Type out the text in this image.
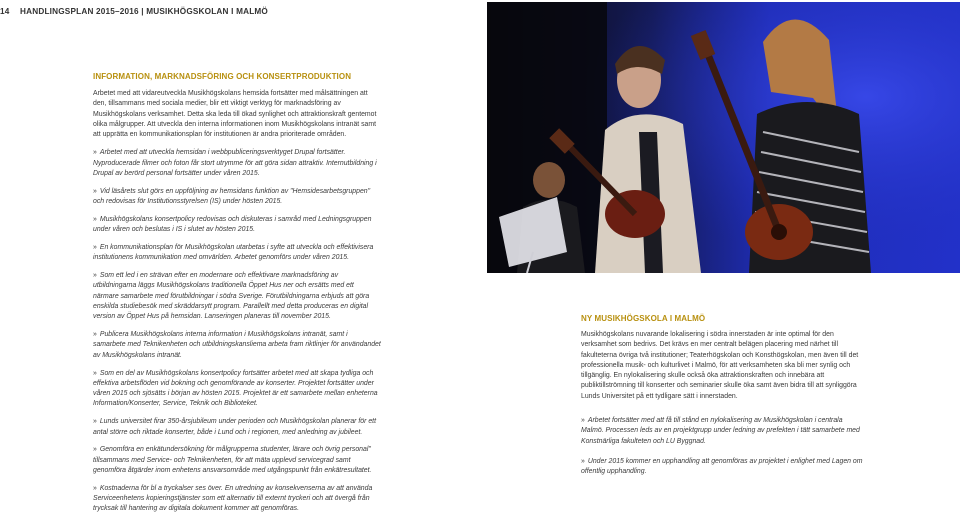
14 HANDLINGSPLAN 2015–2016 | MUSIKHÖGSKOLAN I MALMÖ
INFORMATION, MARKNADSFÖRING OCH KONSERTPRODUKTION

Arbetet med att vidareutveckla Musikhögskolans hemsida fortsätter med målsättningen att den, tillsammans med sociala medier, blir ett viktigt verktyg för marknadsföring av Musikhögskolans verksamhet. Detta ska leda till ökad synlighet och attraktionskraft gentemot olika målgrupper. Att utveckla den interna informationen inom Musikhögskolans intranät samt att upprätta en kommunikationsplan för institutionen är andra prioriterade områden.

» Arbetet med att utveckla hemsidan i webbpubliceringsverktyget Drupal fortsätter. Nyproducerade filmer och foton får stort utrymme för att göra sidan attraktiv. Internutbildning i Drupal av berörd personal fortsätter under våren 2015.

» Vid läsårets slut görs en uppföljning av hemsidans funktion av "Hemsidesarbetsgruppen" och redovisas för Institutionsstyrelsen (IS) under hösten 2015.

» Musikhögskolans konsertpolicy redovisas och diskuteras i samråd med Ledningsgruppen under våren och beslutas i IS i slutet av hösten 2015.

» En kommunikationsplan för Musikhögskolan utarbetas i syfte att utveckla och effektivisera institutionens kommunikation med omvärlden. Arbetet genomförs under våren 2015.

» Som ett led i en strävan efter en modernare och effektivare marknadsföring av utbildningarna läggs Musikhögskolans traditionella Öppet Hus ner och ersätts med ett närmare samarbete med förutbildningar i södra Sverige. Förutbildningarna erbjuds att göra enskilda studiebesök med skräddarsytt program. Parallellt med detta produceras en digital version av Öppet Hus på hemsidan. Lanseringen planeras till november 2015.

» Publicera Musikhögskolans interna information i Musikhögskolans intranät, samt i samarbete med Teknikenheten och utbildningskansliema arbeta fram riktlinjer för användandet av Musikhögskolans intranät.

» Som en del av Musikhögskolans konsertpolicy fortsätter arbetet med att skapa tydliga och effektiva arbetsflöden vid bokning och genomförande av konserter. Projektet fortsätter under våren 2015 och sjösätts i början av hösten 2015. Projektet är ett samarbete mellan enheterna Information/Konserter, Service, Teknik och Biblioteket.

» Lunds universitet firar 350-årsjubileum under perioden och Musikhögskolan planerar för ett antal större och riktade konserter, både i Lund och i regionen, med anledning av jubileet.

» Genomföra en enkätundersökning för målgrupperna studenter, lärare och övrig personal" tillsammans med Service- och Teknikenheten, för att mäta upplevd servicegrad samt genomföra åtgärder inom enhetens ansvarsområde med utgångspunkt från enkätresultatet.

» Kostnaderna för bl a tryckalser ses över. En utredning av konsekvenserna av att använda Serviceenhetens kopieringstjänster som ett alternativ till externt tryckeri och att övergå från trycksak till hantering av digitala dokument kommer att genomföras.

NY MUSIKHÖGSKOLA I MALMÖ

Musikhögskolans nuvarande lokalisering i södra innerstaden är inte optimal för den verksamhet som bedrivs. Det krävs en mer centralt belägen placering med närhet till fakulteterna övriga två institutioner; Teaterhögskolan och Konsthögskolan, men även till det professionella musik- och kulturlivet i Malmö, för att verksamheten ska bli mer synlig och tillgänglig. En nylokalisering skulle också öka attraktionskraften och innebära att publiktillströmning till konserter och seminarier skulle öka samt även bidra till att synliggöra Lunds Universitet på ett tydligare sätt i innerstaden.

» Arbetet fortsätter med att få till stånd en nylokalisering av Musikhögskolan i centrala Malmö. Processen leds av en projektgrupp under ledning av prefekten i tätt samarbete med Konstnärliga fakulteten och LU Byggnad.

» Under 2015 kommer en upphandling att genomföras av projektet i enlighet med Lagen om offentlig upphandling.
